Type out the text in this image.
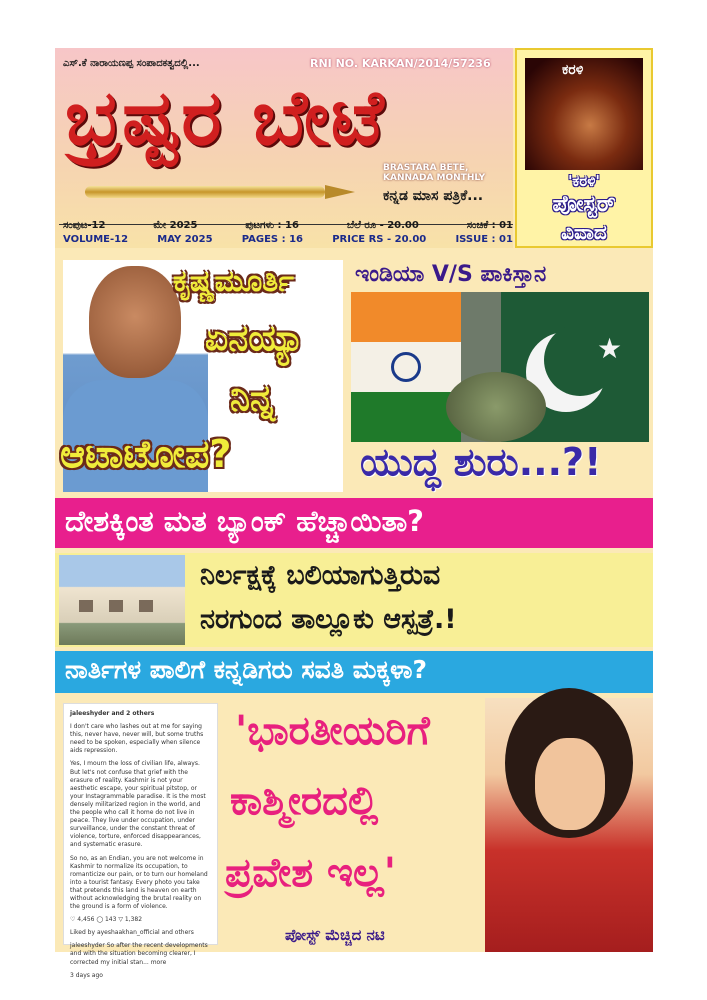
ಎಸ್.ಕೆ ನಾರಾಯಣಪ್ಪ ಸಂಪಾದಕತ್ವದಲ್ಲಿ...	RNI NO. KARKAN/2014/57236
ಭ್ರಷ್ಟರ ಬೇಟೆ
BRASTARA BETE, KANNADA MONTHLY
ಕನ್ನಡ ಮಾಸ ಪತ್ರಿಕೆ...
ಸಂಪುಟ-12	ಮೇ 2025	ಪುಟಗಳು : 16	ಬೆಲೆ ರೂ - 20.00	ಸಂಚಿಕೆ : 01
VOLUME-12	MAY 2025	PAGES : 16	PRICE RS - 20.00	ISSUE : 01
ಕರಳಿ
'ಕರಳಿ'
ಪೋಸ್ಟರ್
ವಿವಾದ
ಕೃಷ್ಣಮೂರ್ತಿ
ಏನಯ್ಯಾ
ನಿನ್ನ
ಆಟಾಟೋಪ?
ಇಂಡಿಯಾ V/S ಪಾಕಿಸ್ತಾನ
★
ಯುದ್ಧ ಶುರು...?!
ದೇಶಕ್ಕಿಂತ ಮತ ಬ್ಯಾಂಕ್ ಹೆಚ್ಚಾಯಿತಾ?
ನಿರ್ಲಕ್ಷಕ್ಕೆ ಬಲಿಯಾಗುತ್ತಿರುವ
ನರಗುಂದ ತಾಲ್ಲೂಕು ಆಸ್ಪತ್ರೆ.!
ನಾರ್ತಿಗಳ ಪಾಲಿಗೆ ಕನ್ನಡಿಗರು ಸವತಿ ಮಕ್ಕಳಾ?

jaleeshyder and 2 others

I don't care who lashes out at me for saying this, never have, never will, but some truths need to be spoken, especially when silence aids repression.

Yes, I mourn the loss of civilian life, always. But let's not confuse that grief with the erasure of reality. Kashmir is not your aesthetic escape, your spiritual pitstop, or your Instagrammable paradise. It is the most densely militarized region in the world, and the people who call it home do not live in peace. They live under occupation, under surveillance, under the constant threat of violence, torture, enforced disappearances, and systematic erasure.

So no, as an Endian, you are not welcome in Kashmir to normalize its occupation, to romanticize our pain, or to turn our homeland into a tourist fantasy. Every photo you take that pretends this land is heaven on earth without acknowledging the brutal reality on the ground is a form of violence.

♡ 4,456 ◯ 143 ▽ 1,382

Liked by ayeshaakhan_official and others

jaleeshyder So after the recent developments and with the situation becoming clearer, I corrected my initial stan... more

3 days ago

'ಭಾರತೀಯರಿಗೆ
ಕಾಶ್ಮೀರದಲ್ಲಿ
ಪ್ರವೇಶ ಇಲ್ಲ'
ಪೋಸ್ಟ್ ಮೆಚ್ಚಿದ ನಟಿ
